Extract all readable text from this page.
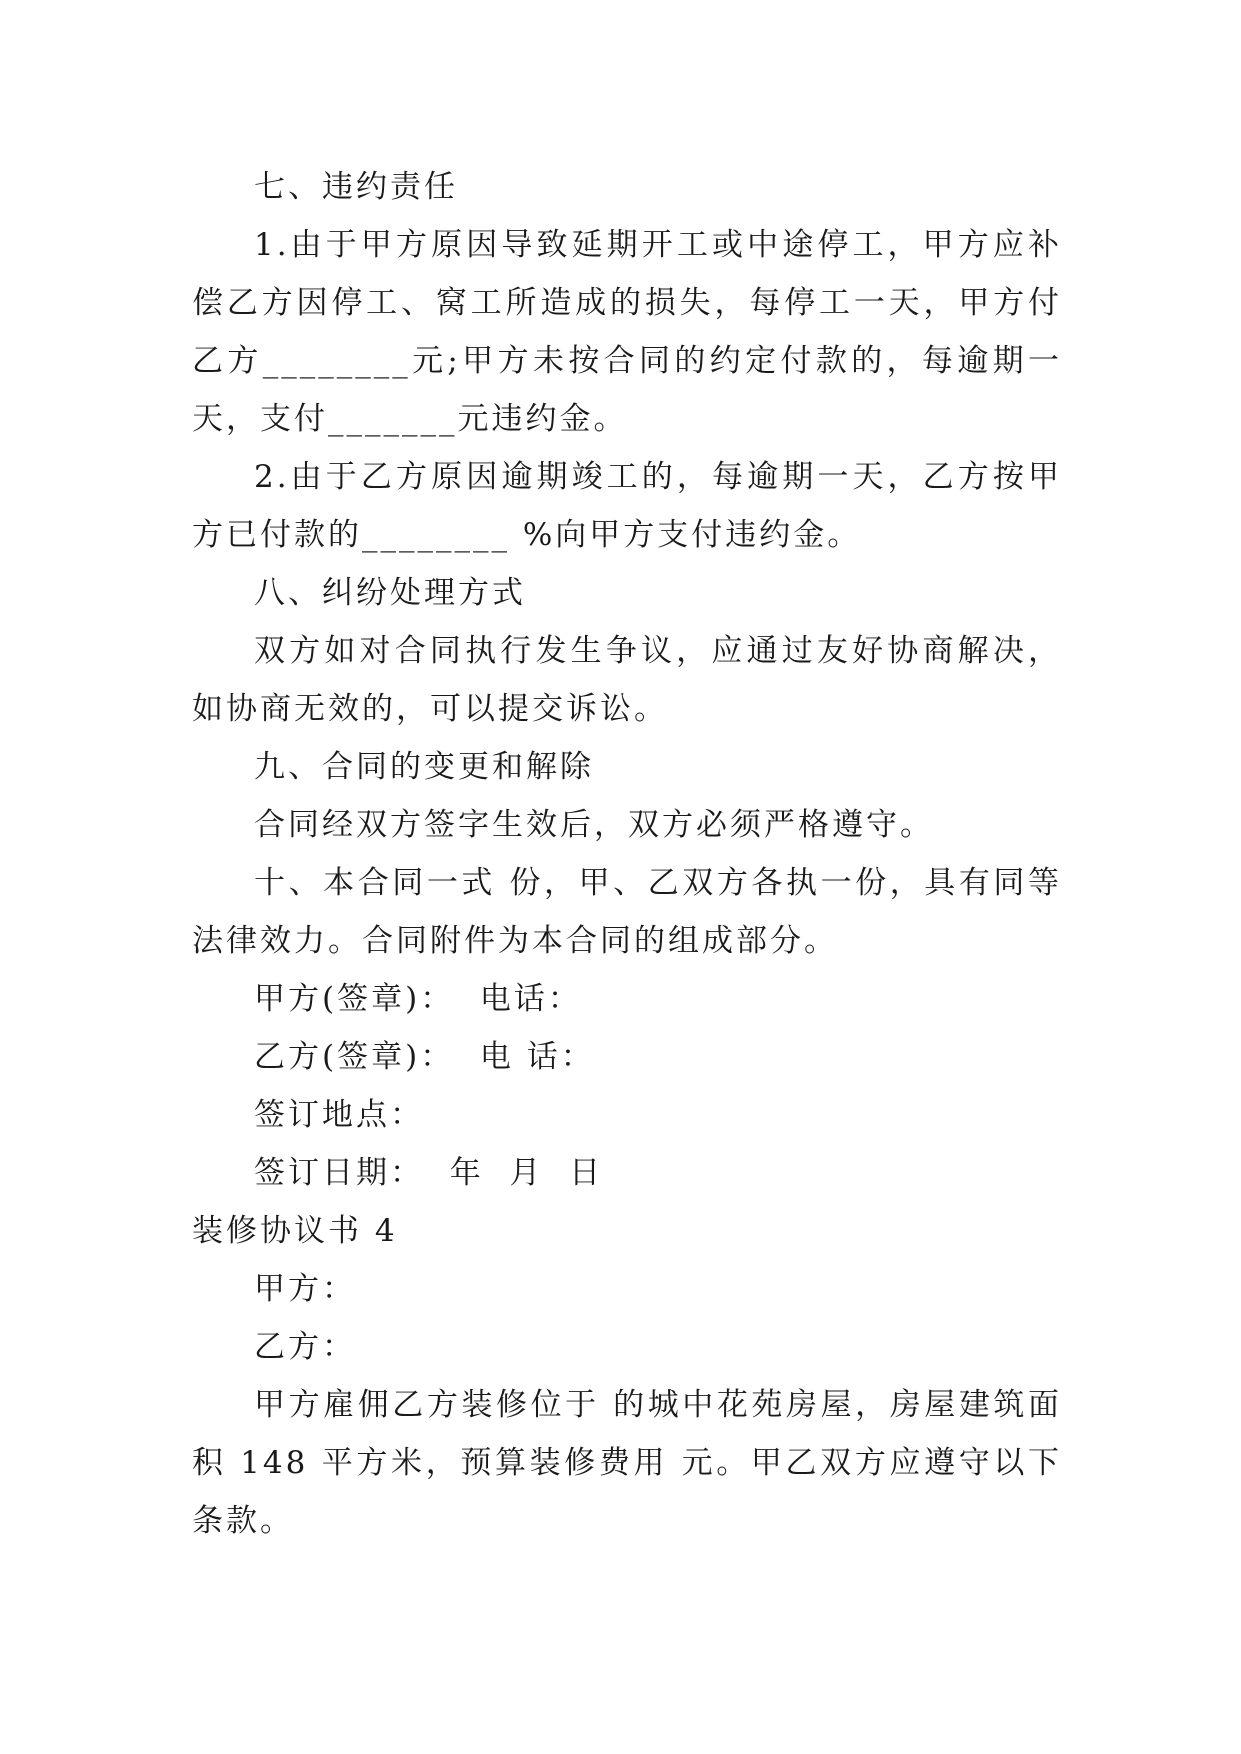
七、违约责任

1.由于甲方原因导致延期开工或中途停工，甲方应补偿乙方因停工、窝工所造成的损失，每停工一天，甲方付乙方________元;甲方未按合同的约定付款的，每逾期一天，支付_______元违约金。

2.由于乙方原因逾期竣工的，每逾期一天，乙方按甲方已付款的________ %向甲方支付违约金。

八、纠纷处理方式

双方如对合同执行发生争议，应通过友好协商解决，如协商无效的，可以提交诉讼。

九、合同的变更和解除

合同经双方签字生效后，双方必须严格遵守。

十、本合同一式 份，甲、乙双方各执一份，具有同等法律效力。合同附件为本合同的组成部分。

甲方(签章)：  电话：

乙方(签章)：  电 话：

签订地点：

签订日期：  年  月  日

装修协议书 4

甲方：

乙方：

甲方雇佣乙方装修位于 的城中花苑房屋，房屋建筑面积 148 平方米，预算装修费用 元。甲乙双方应遵守以下条款。
